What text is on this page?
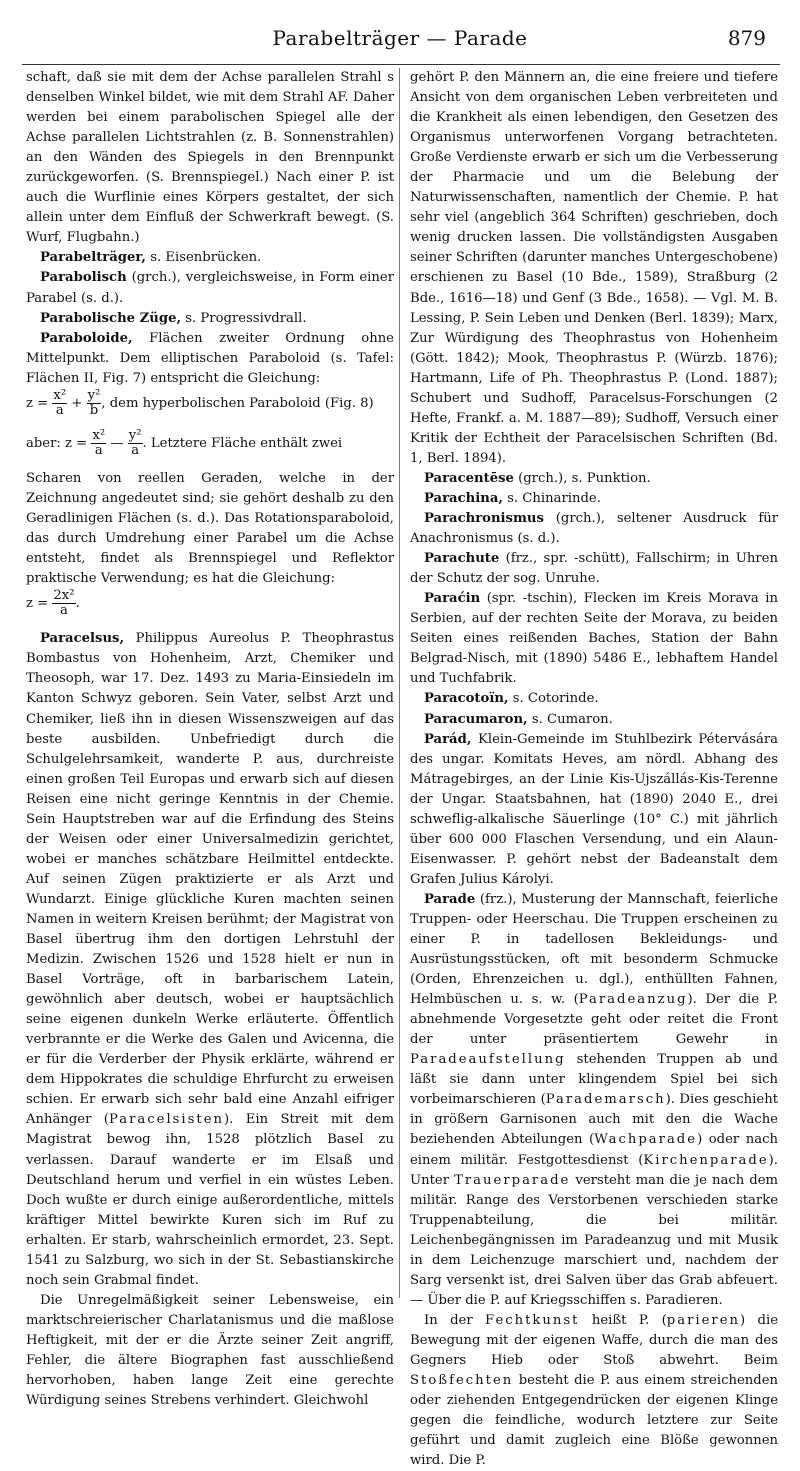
Parabelträger — Parade	879

schaft, daß sie mit dem der Achse parallelen Strahl s denselben Winkel bildet, wie mit dem Strahl AF. Daher werden bei einem parabolischen Spiegel alle der Achse parallelen Lichtstrahlen (z. B. Sonnenstrahlen) an den Wänden des Spiegels in den Brennpunkt zurückgeworfen. (S. Brennspiegel.) Nach einer P. ist auch die Wurflinie eines Körpers gestaltet, der sich allein unter dem Einfluß der Schwerkraft bewegt. (S. Wurf, Flugbahn.)

Parabelträger, s. Eisenbrücken.

Parabolisch (grch.), vergleichsweise, in Form einer Parabel (s. d.).

Parabolische Züge, s. Progressivdrall.

Paraboloide, Flächen zweiter Ordnung ohne Mittelpunkt. Dem elliptischen Paraboloid (s. Tafel: Flächen II, Fig. 7) entspricht die Gleichung:

$z = \frac{\text{x²}}{a} + \frac{\text{y²}}{b}$ , dem hyperbolischen Paraboloid (Fig. 8)

aber: $z = \frac{\text{x²}}{a}$ — $\frac{\text{y²}}{a}$ . Letztere Fläche enthält zwei

Scharen von reellen Geraden, welche in der Zeichnung angedeutet sind; sie gehört deshalb zu den Geradlinigen Flächen (s. d.). Das Rotationsparaboloid, das durch Umdrehung einer Parabel um die Achse entsteht, findet als Brennspiegel und Reflektor praktische Verwendung; es hat die Gleichung:

$z = \frac{\text{2x²}}{a}$ .

Paracelsus, Philippus Aureolus P. Theophrastus Bombastus von Hohenheim, Arzt, Chemiker und Theosoph, war 17. Dez. 1493 zu Maria-Einsiedeln im Kanton Schwyz geboren. Sein Vater, selbst Arzt und Chemiker, ließ ihn in diesen Wissenszweigen auf das beste ausbilden. Unbefriedigt durch die Schulgelehrsamkeit, wanderte P. aus, durchreiste einen großen Teil Europas und erwarb sich auf diesen Reisen eine nicht geringe Kenntnis in der Chemie. Sein Hauptstreben war auf die Erfindung des Steins der Weisen oder einer Universalmedizin gerichtet, wobei er manches schätzbare Heilmittel entdeckte. Auf seinen Zügen praktizierte er als Arzt und Wundarzt. Einige glückliche Kuren machten seinen Namen in weitern Kreisen berühmt; der Magistrat von Basel übertrug ihm den dortigen Lehrstuhl der Medizin. Zwischen 1526 und 1528 hielt er nun in Basel Vorträge, oft in barbarischem Latein, gewöhnlich aber deutsch, wobei er hauptsächlich seine eigenen dunkeln Werke erläuterte. Öffentlich verbrannte er die Werke des Galen und Avicenna, die er für die Verderber der Physik erklärte, während er dem Hippokrates die schuldige Ehrfurcht zu erweisen schien. Er erwarb sich sehr bald eine Anzahl eifriger Anhänger (Paracelsisten). Ein Streit mit dem Magistrat bewog ihn, 1528 plötzlich Basel zu verlassen. Darauf wanderte er im Elsaß und Deutschland herum und verfiel in ein wüstes Leben. Doch wußte er durch einige außerordentliche, mittels kräftiger Mittel bewirkte Kuren sich im Ruf zu erhalten. Er starb, wahrscheinlich ermordet, 23. Sept. 1541 zu Salzburg, wo sich in der St. Sebastianskirche noch sein Grabmal findet.

Die Unregelmäßigkeit seiner Lebensweise, ein marktschreierischer Charlatanismus und die maßlose Heftigkeit, mit der er die Ärzte seiner Zeit angriff, Fehler, die ältere Biographen fast ausschließend hervorhoben, haben lange Zeit eine gerechte Würdigung seines Strebens verhindert. Gleichwohl

gehört P. den Männern an, die eine freiere und tiefere Ansicht von dem organischen Leben verbreiteten und die Krankheit als einen lebendigen, den Gesetzen des Organismus unterworfenen Vorgang betrachteten. Große Verdienste erwarb er sich um die Verbesserung der Pharmacie und um die Belebung der Naturwissenschaften, namentlich der Chemie. P. hat sehr viel (angeblich 364 Schriften) geschrieben, doch wenig drucken lassen. Die vollständigsten Ausgaben seiner Schriften (darunter manches Untergeschobene) erschienen zu Basel (10 Bde., 1589), Straßburg (2 Bde., 1616—18) und Genf (3 Bde., 1658). — Vgl. M. B. Lessing, P. Sein Leben und Denken (Berl. 1839); Marx, Zur Würdigung des Theophrastus von Hohenheim (Gött. 1842); Mook, Theophrastus P. (Würzb. 1876); Hartmann, Life of Ph. Theophrastus P. (Lond. 1887); Schubert und Sudhoff, Paracelsus-Forschungen (2 Hefte, Frankf. a. M. 1887—89); Sudhoff, Versuch einer Kritik der Echtheit der Paracelsischen Schriften (Bd. 1, Berl. 1894).

Paracentēse (grch.), s. Punktion.

Parachina, s. Chinarinde.

Parachronismus (grch.), seltener Ausdruck für Anachronismus (s. d.).

Parachute (frz., spr. -schütt), Fallschirm; in Uhren der Schutz der sog. Unruhe.

Paraćin (spr. -tschin), Flecken im Kreis Morava in Serbien, auf der rechten Seite der Morava, zu beiden Seiten eines reißenden Baches, Station der Bahn Belgrad-Nisch, mit (1890) 5486 E., lebhaftem Handel und Tuchfabrik.

Paracotoïn, s. Cotorinde.

Paracumaron, s. Cumaron.

Parád, Klein-Gemeinde im Stuhlbezirk Pétervására des ungar. Komitats Heves, am nördl. Abhang des Mátragebirges, an der Linie Kis-Ujszállás-Kis-Terenne der Ungar. Staatsbahnen, hat (1890) 2040 E., drei schweflig-alkalische Säuerlinge (10° C.) mit jährlich über 600 000 Flaschen Versendung, und ein Alaun-Eisenwasser. P. gehört nebst der Badeanstalt dem Grafen Julius Károlyi.

Parade (frz.), Musterung der Mannschaft, feierliche Truppen- oder Heerschau. Die Truppen erscheinen zu einer P. in tadellosen Bekleidungs- und Ausrüstungsstücken, oft mit besonderm Schmucke (Orden, Ehrenzeichen u. dgl.), enthüllten Fahnen, Helmbüschen u. s. w. (Paradeanzug). Der die P. abnehmende Vorgesetzte geht oder reitet die Front der unter präsentiertem Gewehr in Paradeaufstellung stehenden Truppen ab und läßt sie dann unter klingendem Spiel bei sich vorbeimarschieren (Parademarsch). Dies geschieht in größern Garnisonen auch mit den die Wache beziehenden Abteilungen (Wachparade) oder nach einem militär. Festgottesdienst (Kirchenparade). Unter Trauerparade versteht man die je nach dem militär. Range des Verstorbenen verschieden starke Truppenabteilung, die bei militär. Leichenbegängnissen im Paradeanzug und mit Musik in dem Leichenzuge marschiert und, nachdem der Sarg versenkt ist, drei Salven über das Grab abfeuert. — Über die P. auf Kriegsschiffen s. Paradieren.

In der Fechtkunst heißt P. (parieren) die Bewegung mit der eigenen Waffe, durch die man des Gegners Hieb oder Stoß abwehrt. Beim Stoßfechten besteht die P. aus einem streichenden oder ziehenden Entgegendrücken der eigenen Klinge gegen die feindliche, wodurch letztere zur Seite geführt und damit zugleich eine Blöße gewonnen wird. Die P.
